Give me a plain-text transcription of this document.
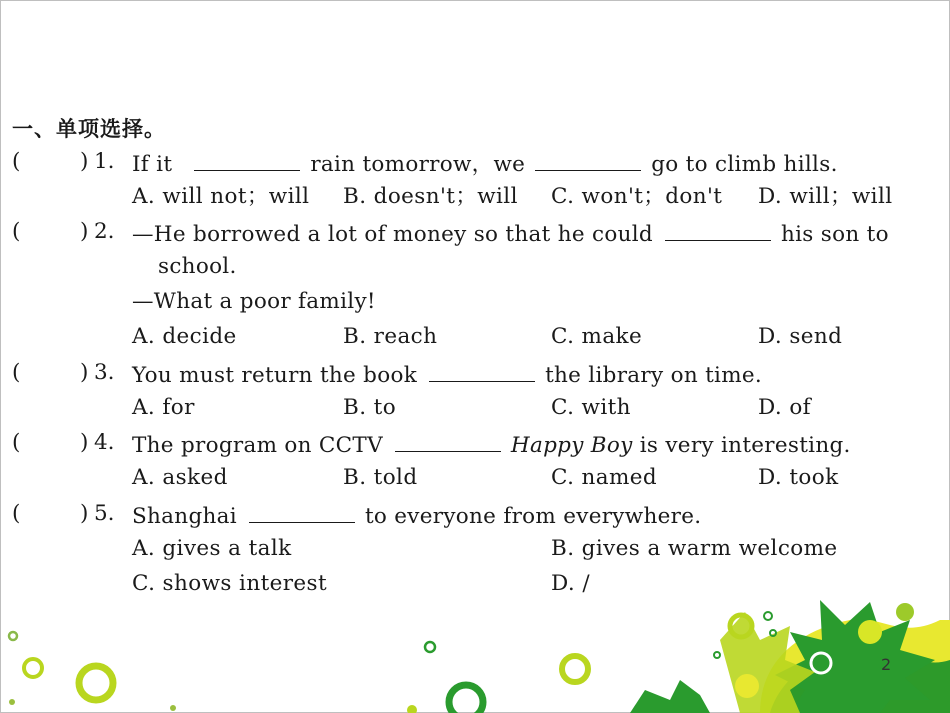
一、单项选择。
(	) 1. If it	rain tomorrow，we	go to climb hills.
A. will not；will B. doesn't；will C. won't；don't D. will；will
(	) 2. —He borrowed a lot of money so that he could	his son to
school.
—What a poor family!
A. decide	B. reach	C. make	D. send
(	) 3. You must return the book	the library on time.
A. for	B. to	C. with	D. of
(	) 4. The program on CCTV	Happy Boy is very interesting.
A. asked	B. told	C. named	D. took
(	) 5. Shanghai	to everyone from everywhere.
A. gives a talk	B. gives a warm welcome
C. shows interest	D. /
2
